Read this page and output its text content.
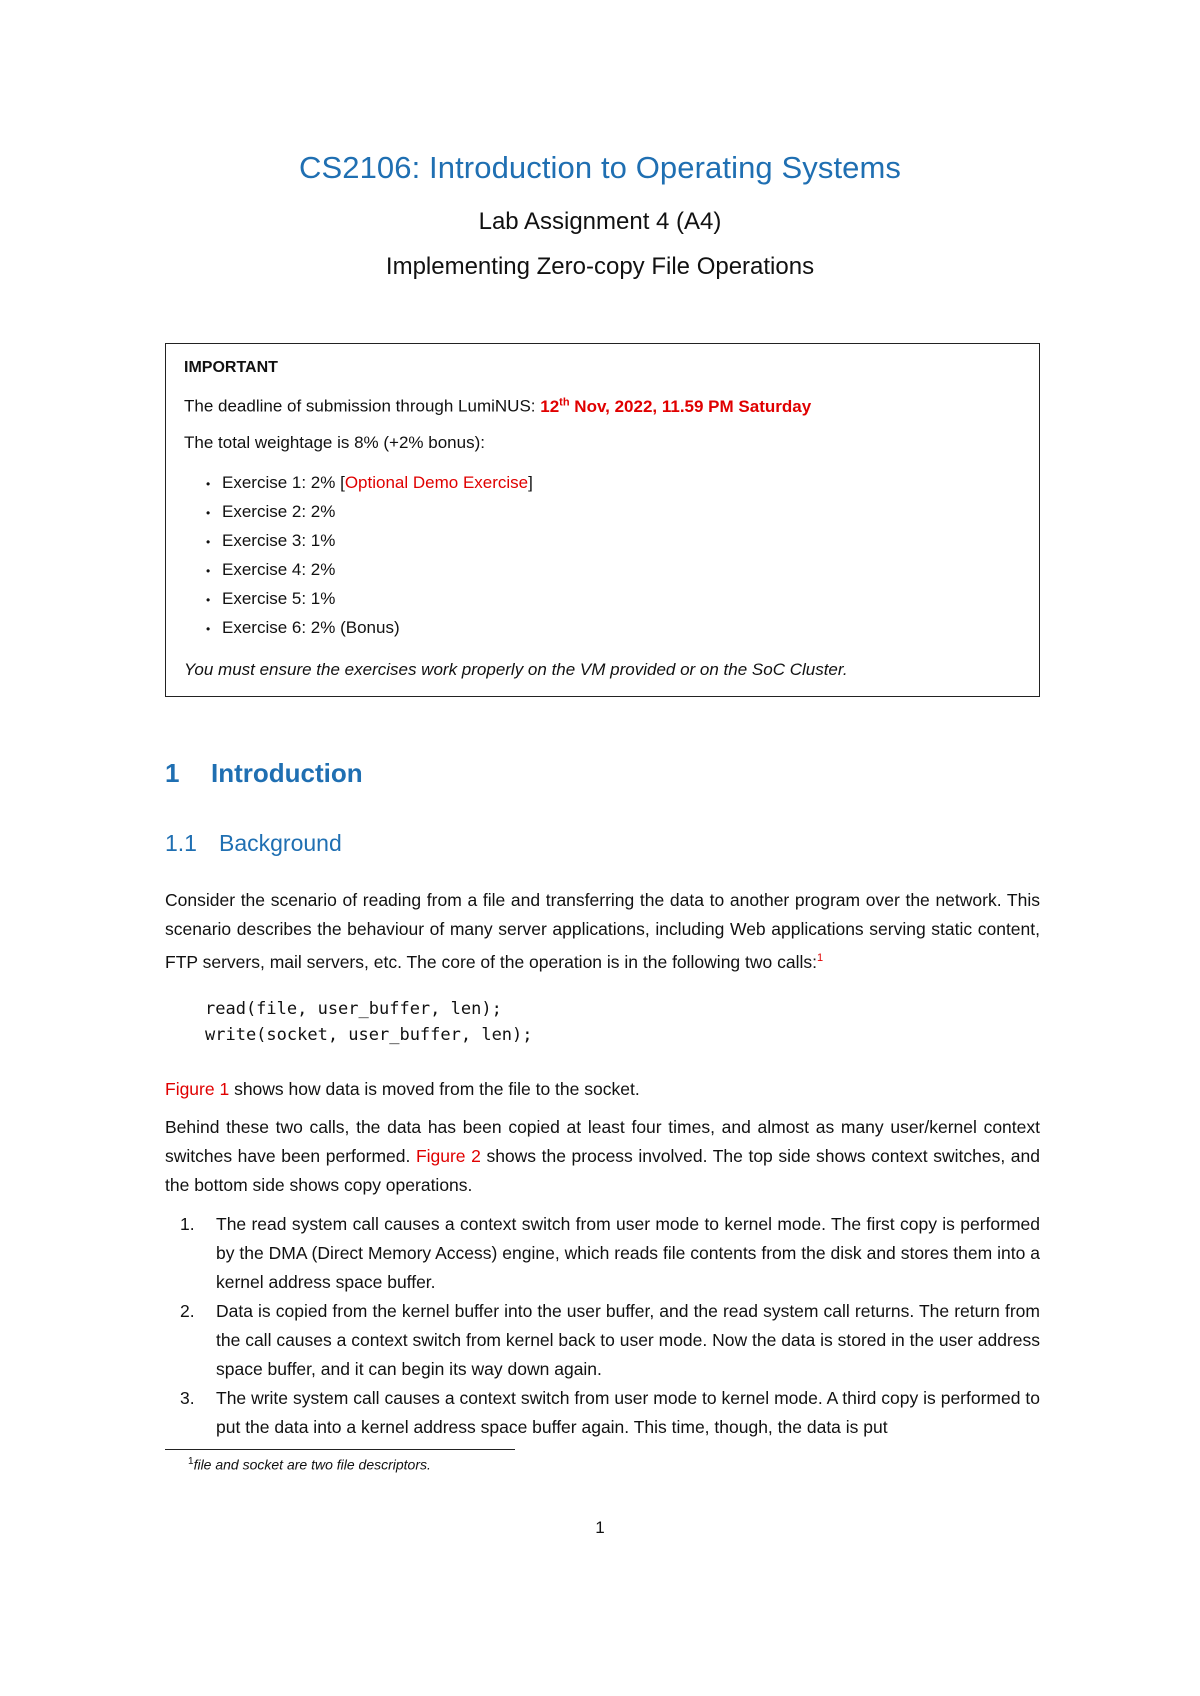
CS2106: Introduction to Operating Systems
Lab Assignment 4 (A4)
Implementing Zero-copy File Operations
IMPORTANT
The deadline of submission through LumiNUS: 12th Nov, 2022, 11.59 PM Saturday
The total weightage is 8% (+2% bonus):
• Exercise 1: 2% [Optional Demo Exercise]
• Exercise 2: 2%
• Exercise 3: 1%
• Exercise 4: 2%
• Exercise 5: 1%
• Exercise 6: 2% (Bonus)
You must ensure the exercises work properly on the VM provided or on the SoC Cluster.
1 Introduction
1.1 Background
Consider the scenario of reading from a file and transferring the data to another program over the network. This scenario describes the behaviour of many server applications, including Web applications serving static content, FTP servers, mail servers, etc. The core of the operation is in the following two calls:$^1$
read(file, user_buffer, len);
write(socket, user_buffer, len);
Figure 1 shows how data is moved from the file to the socket.
Behind these two calls, the data has been copied at least four times, and almost as many user/kernel context switches have been performed. Figure 2 shows the process involved. The top side shows context switches, and the bottom side shows copy operations.
1. The read system call causes a context switch from user mode to kernel mode. The first copy is performed by the DMA (Direct Memory Access) engine, which reads file contents from the disk and stores them into a kernel address space buffer.
2. Data is copied from the kernel buffer into the user buffer, and the read system call returns. The return from the call causes a context switch from kernel back to user mode. Now the data is stored in the user address space buffer, and it can begin its way down again.
3. The write system call causes a context switch from user mode to kernel mode. A third copy is performed to put the data into a kernel address space buffer again. This time, though, the data is put
$^1$file and socket are two file descriptors.
1
